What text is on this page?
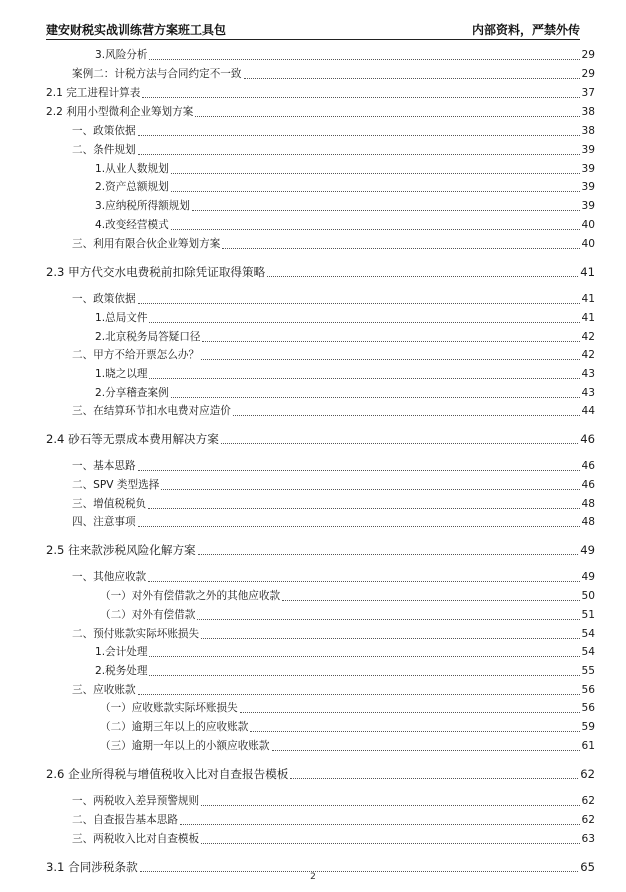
建安财税实战训练营方案班工具包	内部资料，严禁外传
3.风险分析	29
案例二：计税方法与合同约定不一致	29
2.1 完工进程计算表	37
2.2 利用小型微利企业筹划方案	38
一、政策依据	38
二、条件规划	39
1.从业人数规划	39
2.资产总额规划	39
3.应纳税所得额规划	39
4.改变经营模式	40
三、利用有限合伙企业筹划方案	40
2.3 甲方代交水电费税前扣除凭证取得策略	41
一、政策依据	41
1.总局文件	41
2.北京税务局答疑口径	42
二、甲方不给开票怎么办？	42
1.晓之以理	43
2.分享稽查案例	43
三、在结算环节扣水电费对应造价	44
2.4 砂石等无票成本费用解决方案	46
一、基本思路	46
二、SPV 类型选择	46
三、增值税税负	48
四、注意事项	48
2.5 往来款涉税风险化解方案	49
一、其他应收款	49
（一）对外有偿借款之外的其他应收款	50
（二）对外有偿借款	51
二、预付账款实际坏账损失	54
1.会计处理	54
2.税务处理	55
三、应收账款	56
（一）应收账款实际坏账损失	56
（二）逾期三年以上的应收账款	59
（三）逾期一年以上的小额应收账款	61
2.6 企业所得税与增值税收入比对自查报告模板	62
一、两税收入差异预警规则	62
二、自查报告基本思路	62
三、两税收入比对自查模板	63
3.1 合同涉税条款	65
2
